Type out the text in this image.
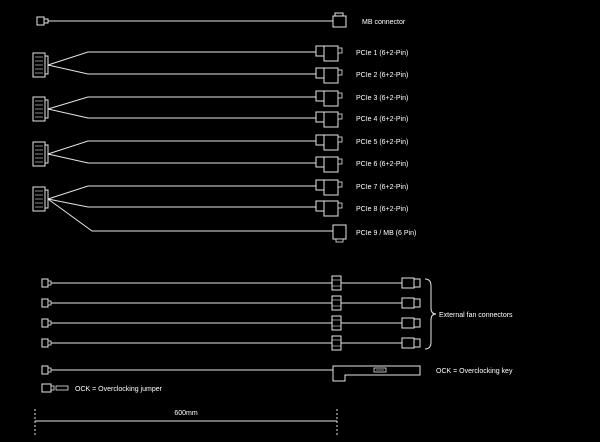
MB connector
PCIe 1 (6+2-Pin)
PCIe 2 (6+2-Pin)
PCIe 3 (6+2-Pin)
PCIe 4 (6+2-Pin)
PCIe 5 (6+2-Pin)
PCIe 6 (6+2-Pin)
PCIe 7 (6+2-Pin)
PCIe 8 (6+2-Pin)
PCIe 9 / MB (6 Pin)
External fan connectors
OCK = Overclocking key
OCK = Overclocking jumper
600mm
